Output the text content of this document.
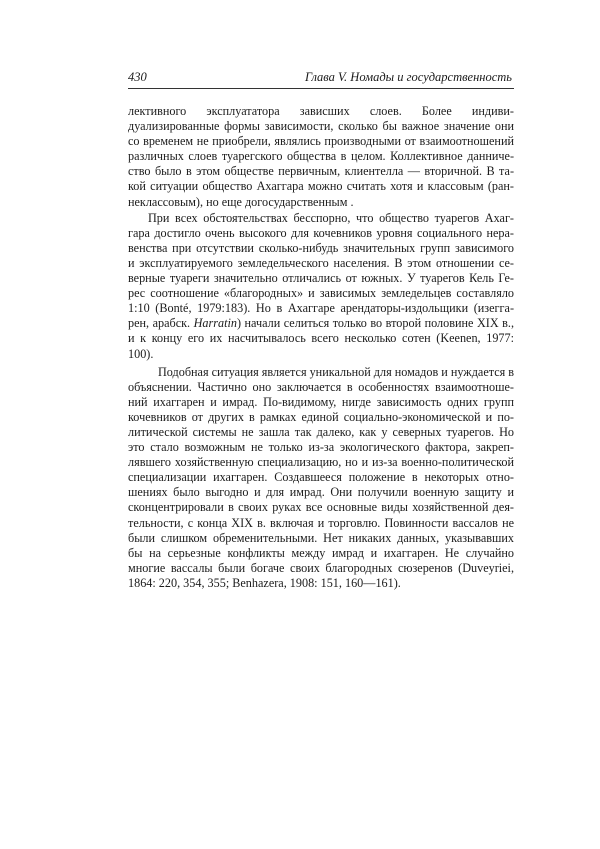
430	Глава V. Номады и государственность
лективного эксплуататора зависших слоев. Более индиви-
дуализированные формы зависимости, сколько бы важное значение они
со временем не приобрели, являлись производными от взаимоотношений
различных слоев туарегского общества в целом. Коллективное данниче-
ство было в этом обществе первичным, клиентелла — вторичной. В та-
кой ситуации общество Ахаггара можно считать хотя и классовым (ран-
неклассовым), но еще догосударственным .
При всех обстоятельствах бесспорно, что общество туарегов Ахаг-
гара достигло очень высокого для кочевников уровня социального нера-
венства при отсутствии сколько-нибудь значительных групп зависимого
и эксплуатируемого земледельческого населения. В этом отношении се-
верные туареги значительно отличались от южных. У туарегов Кель Ге-
рес соотношение «благородных» и зависимых земледельцев составляло
1:10 (Bonté, 1979:183). Но в Ахаггаре арендаторы-издольщики (изегга-
рен, арабск. Harratin) начали селиться только во второй половине XIX в.,
и к концу его их насчитывалось всего несколько сотен (Keenen, 1977:
100).
Подобная ситуация является уникальной для номадов и нуждается в
объяснении. Частично оно заключается в особенностях взаимоотноше-
ний ихаггарен и имрад. По-видимому, нигде зависимость одних групп
кочевников от других в рамках единой социально-экономической и по-
литической системы не зашла так далеко, как у северных туарегов. Но
это стало возможным не только из-за экологического фактора, закреп-
лявшего хозяйственную специализацию, но и из-за военно-политической
специализации ихаггарен. Создавшееся положение в некоторых отно-
шениях было выгодно и для имрад. Они получили военную защиту и
сконцентрировали в своих руках все основные виды хозяйственной дея-
тельности, с конца XIX в. включая и торговлю. Повинности вассалов не
были слишком обременительными. Нет никаких данных, указывавших
бы на серьезные конфликты между имрад и ихаггарен. Не случайно
многие вассалы были богаче своих благородных сюзеренов (Duveyriei,
1864: 220, 354, 355; Benhazera, 1908: 151, 160—161).
